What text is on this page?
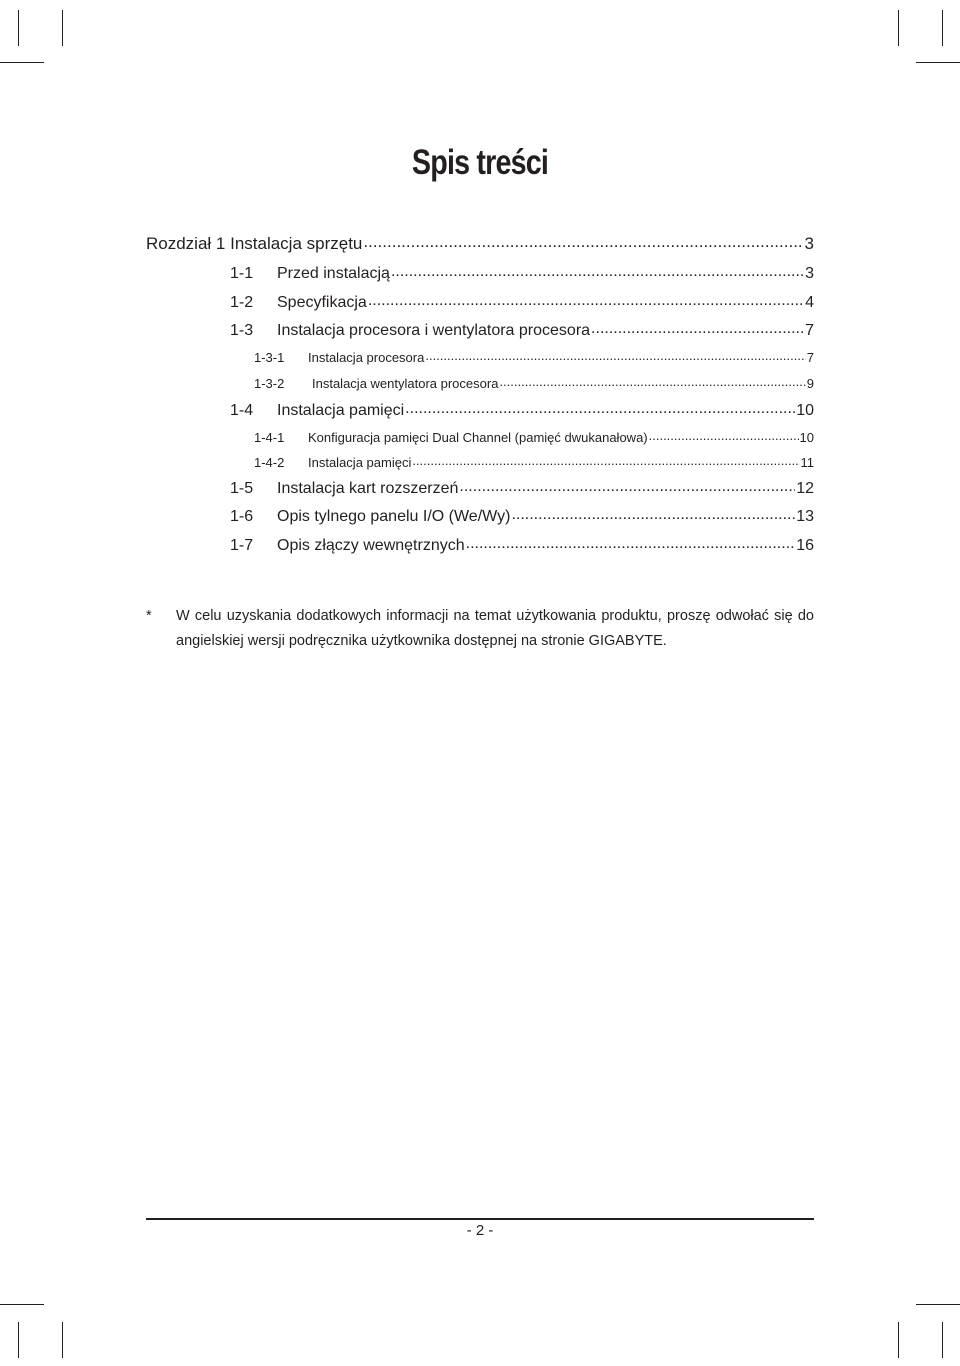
Spis treści
Rozdział 1 Instalacja sprzętu .....	3
1-1	Przed instalacją .....	3
1-2	Specyfikacja .....	4
1-3	Instalacja procesora i wentylatora procesora .....	7
1-3-1	Instalacja procesora .....	7
1-3-2	Instalacja wentylatora procesora .....	9
1-4	Instalacja pamięci .....	10
1-4-1	Konfiguracja pamięci Dual Channel (pamięć dwukanałowa) .....	10
1-4-2	Instalacja pamięci .....	11
1-5	Instalacja kart rozszerzeń .....	12
1-6	Opis tylnego panelu I/O (We/Wy) .....	13
1-7	Opis złączy wewnętrznych .....	16
* W celu uzyskania dodatkowych informacji na temat użytkowania produktu, proszę odwołać się do
angielskiej wersji podręcznika użytkownika dostępnej na stronie GIGABYTE.
- 2 -
